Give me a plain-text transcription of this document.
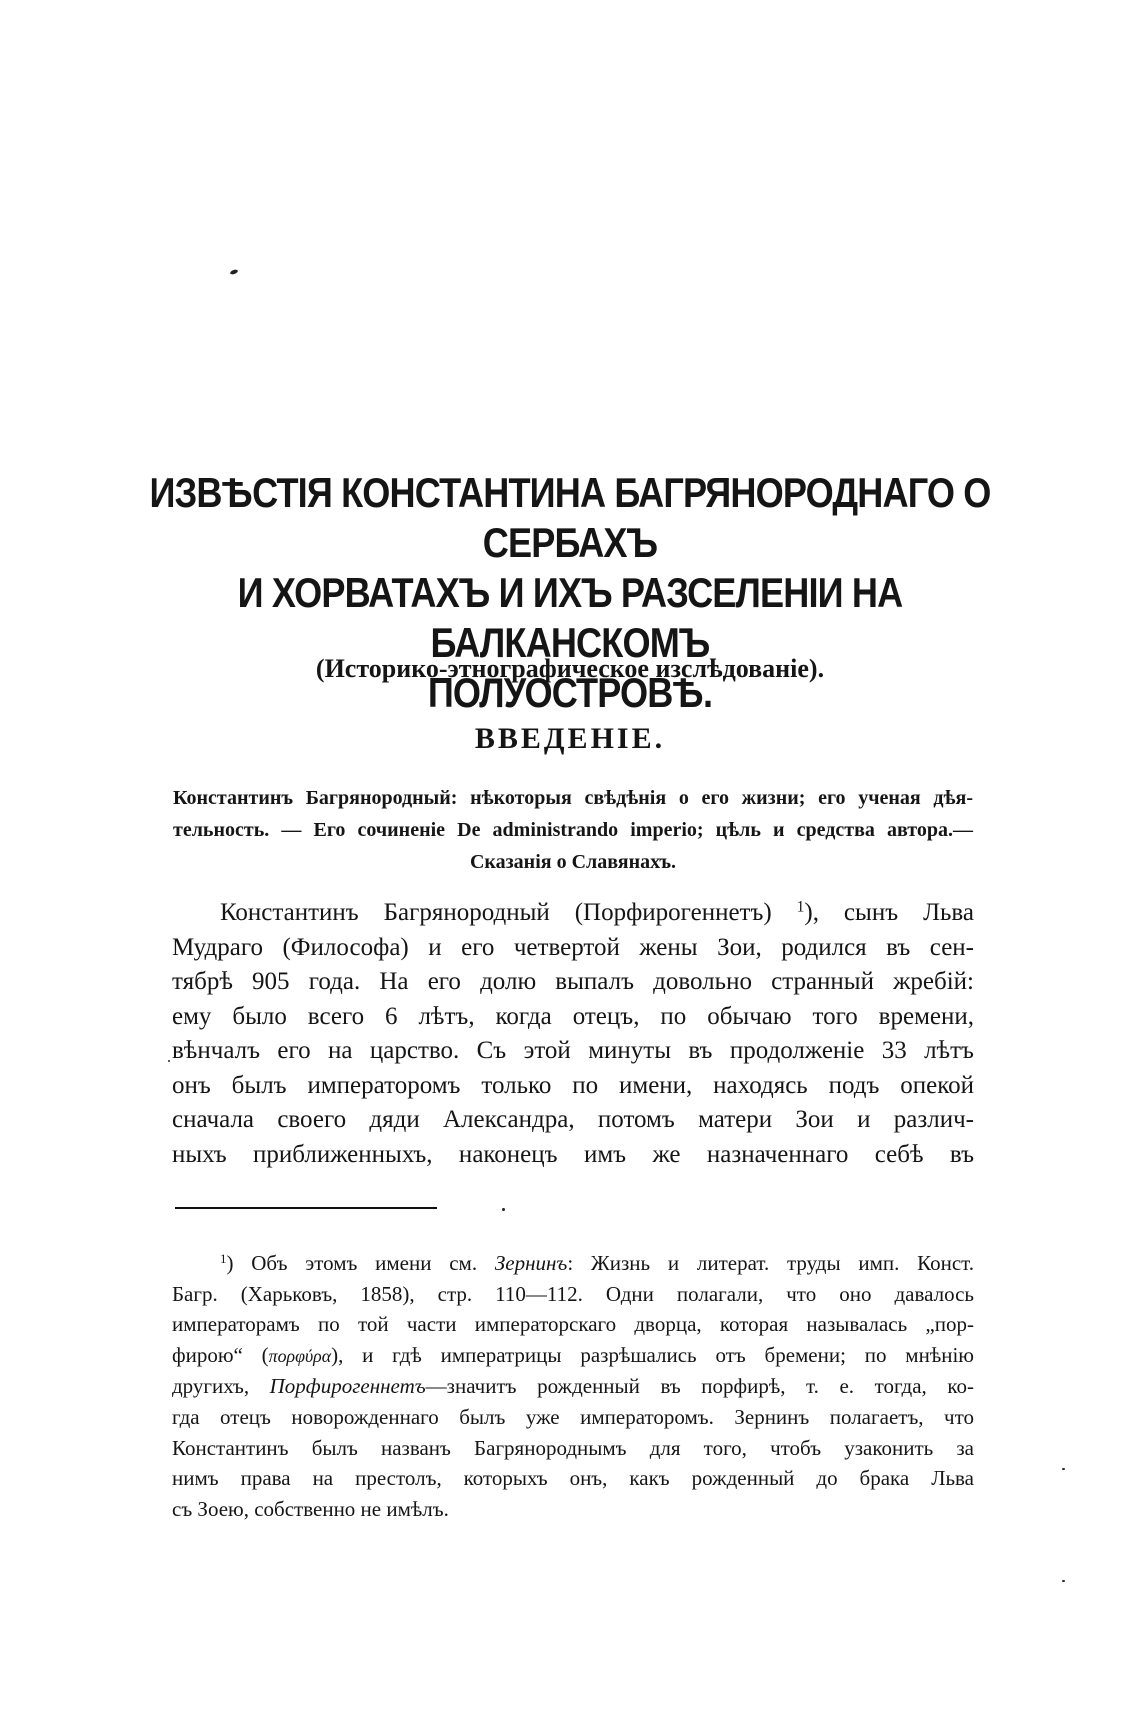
ИЗВѢСТІЯ КОНСТАНТИНА БАГРЯНОРОДНАГО О СЕРБАХЪ
И ХОРВАТАХЪ И ИХЪ РАЗСЕЛЕНІИ НА БАЛКАНСКОМЪ
ПОЛУОСТРОВѢ.

(Историко-этнографическое изслѣдованіе).

ВВЕДЕНІЕ.

Константинъ Багрянородный: нѣкоторыя свѣдѣнія о его жизни; его ученая дѣя-
тельность. — Его сочиненіе De administrando imperio; цѣль и средства автора.—
Сказанія о Славянахъ.

Константинъ Багрянородный (Порфирогеннетъ) $^1$), сынъ Льва
Мудраго (Философа) и его четвертой жены Зои, родился въ сен-
тябрѣ 905 года. На его долю выпалъ довольно странный жребій:
ему было всего 6 лѣтъ, когда отецъ, по обычаю того времени,
вѣнчалъ его на царство. Съ этой минуты въ продолженіе 33 лѣтъ
онъ былъ императоромъ только по имени, находясь подъ опекой
сначала своего дяди Александра, потомъ матери Зои и различ-
ныхъ приближенныхъ, наконецъ имъ же назначеннаго себѣ въ

$^1$) Объ этомъ имени см. Зернинъ: Жизнь и литерат. труды имп. Конст.
Багр. (Харьковъ, 1858), стр. 110—112. Одни полагали, что оно давалось
императорамъ по той части императорскаго дворца, которая называлась „пор-
фирою“ (πορφύρα), и гдѣ императрицы разрѣшались отъ бремени; по мнѣнію
другихъ, Порфирогеннетъ—значитъ рожденный въ порфирѣ, т. е. тогда, ко-
гда отецъ новорожденнаго былъ уже императоромъ. Зернинъ полагаетъ, что
Константинъ былъ названъ Багрянороднымъ для того, чтобъ узаконить за
нимъ права на престолъ, которыхъ онъ, какъ рожденный до брака Льва
съ Зоею, собственно не имѣлъ.
